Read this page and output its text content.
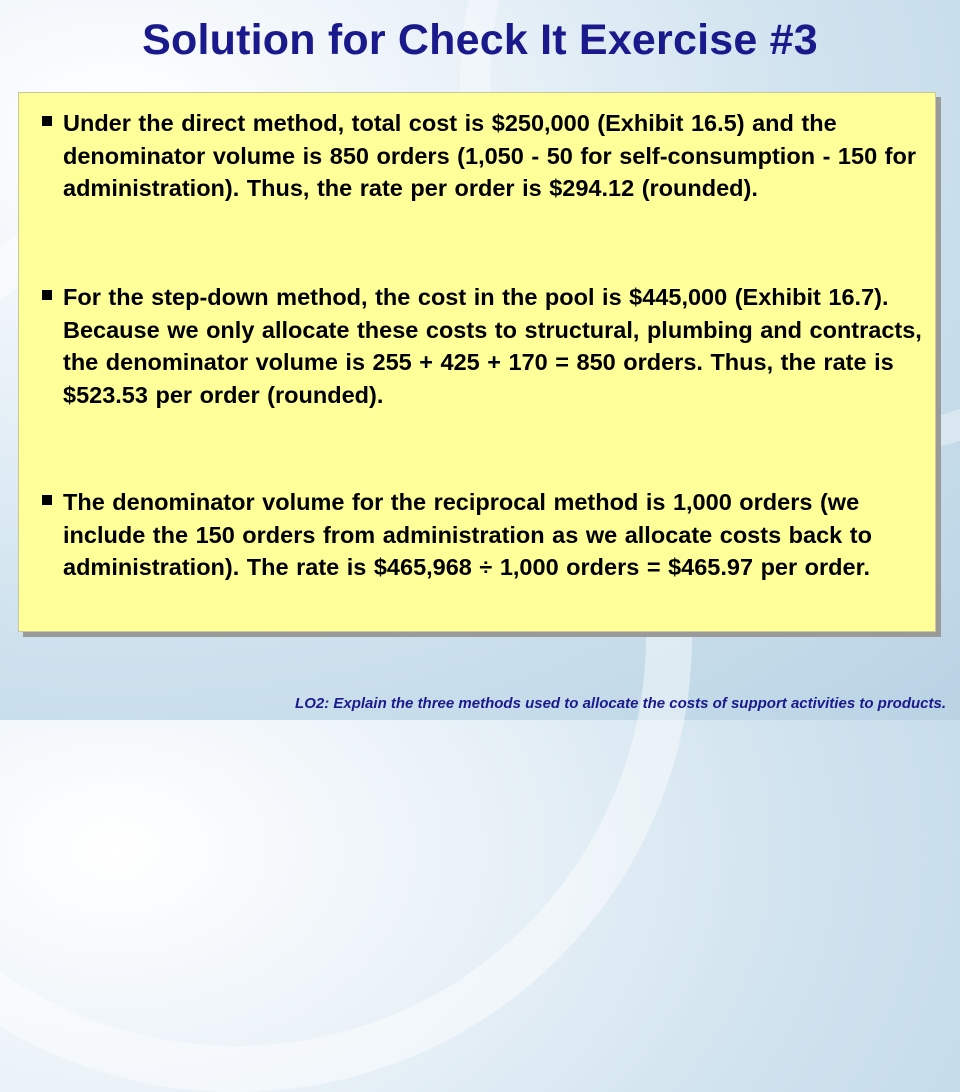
Solution for Check It Exercise #3

Under the direct method, total cost is $250,000 (Exhibit 16.5) and the denominator volume is 850 orders (1,050 - 50 for self-consumption - 150 for administration). Thus, the rate per order is $294.12 (rounded).

For the step-down method, the cost in the pool is $445,000 (Exhibit 16.7). Because we only allocate these costs to structural, plumbing and contracts, the denominator volume is 255 + 425 + 170 = 850 orders. Thus, the rate is $523.53 per order (rounded).

The denominator volume for the reciprocal method is 1,000 orders (we include the 150 orders from administration as we allocate costs back to administration). The rate is $465,968 ÷ 1,000 orders = $465.97 per order.

LO2: Explain the three methods used to allocate the costs of support activities to products.
